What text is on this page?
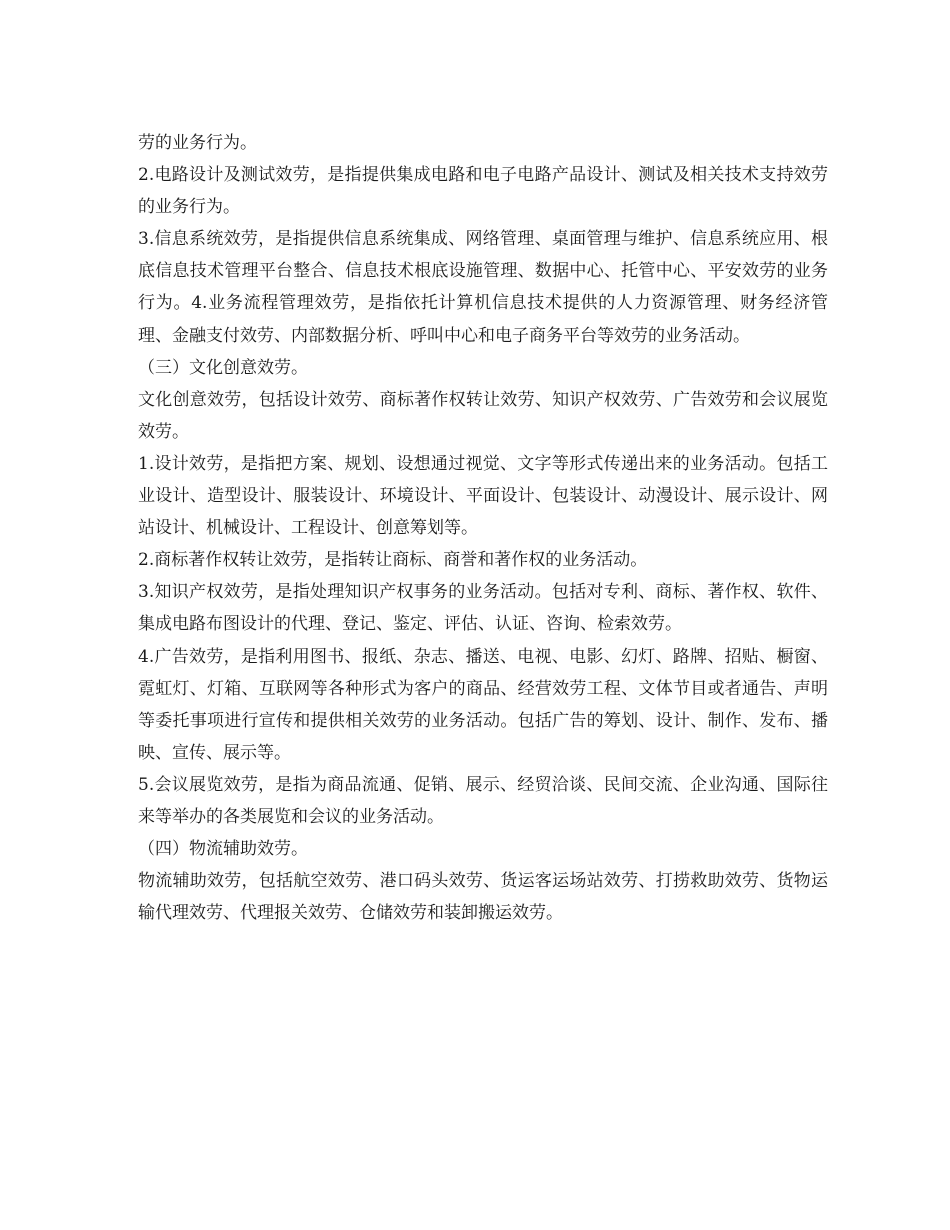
劳的业务行为。

2.电路设计及测试效劳，是指提供集成电路和电子电路产品设计、测试及相关技术支持效劳的业务行为。

3.信息系统效劳，是指提供信息系统集成、网络管理、桌面管理与维护、信息系统应用、根底信息技术管理平台整合、信息技术根底设施管理、数据中心、托管中心、平安效劳的业务行为。4.业务流程管理效劳，是指依托计算机信息技术提供的人力资源管理、财务经济管理、金融支付效劳、内部数据分析、呼叫中心和电子商务平台等效劳的业务活动。

（三）文化创意效劳。

文化创意效劳，包括设计效劳、商标著作权转让效劳、知识产权效劳、广告效劳和会议展览效劳。

1.设计效劳，是指把方案、规划、设想通过视觉、文字等形式传递出来的业务活动。包括工业设计、造型设计、服装设计、环境设计、平面设计、包装设计、动漫设计、展示设计、网站设计、机械设计、工程设计、创意筹划等。

2.商标著作权转让效劳，是指转让商标、商誉和著作权的业务活动。

3.知识产权效劳，是指处理知识产权事务的业务活动。包括对专利、商标、著作权、软件、集成电路布图设计的代理、登记、鉴定、评估、认证、咨询、检索效劳。

4.广告效劳，是指利用图书、报纸、杂志、播送、电视、电影、幻灯、路牌、招贴、橱窗、霓虹灯、灯箱、互联网等各种形式为客户的商品、经营效劳工程、文体节目或者通告、声明等委托事项进行宣传和提供相关效劳的业务活动。包括广告的筹划、设计、制作、发布、播映、宣传、展示等。

5.会议展览效劳，是指为商品流通、促销、展示、经贸洽谈、民间交流、企业沟通、国际往来等举办的各类展览和会议的业务活动。

（四）物流辅助效劳。

物流辅助效劳，包括航空效劳、港口码头效劳、货运客运场站效劳、打捞救助效劳、货物运输代理效劳、代理报关效劳、仓储效劳和装卸搬运效劳。
